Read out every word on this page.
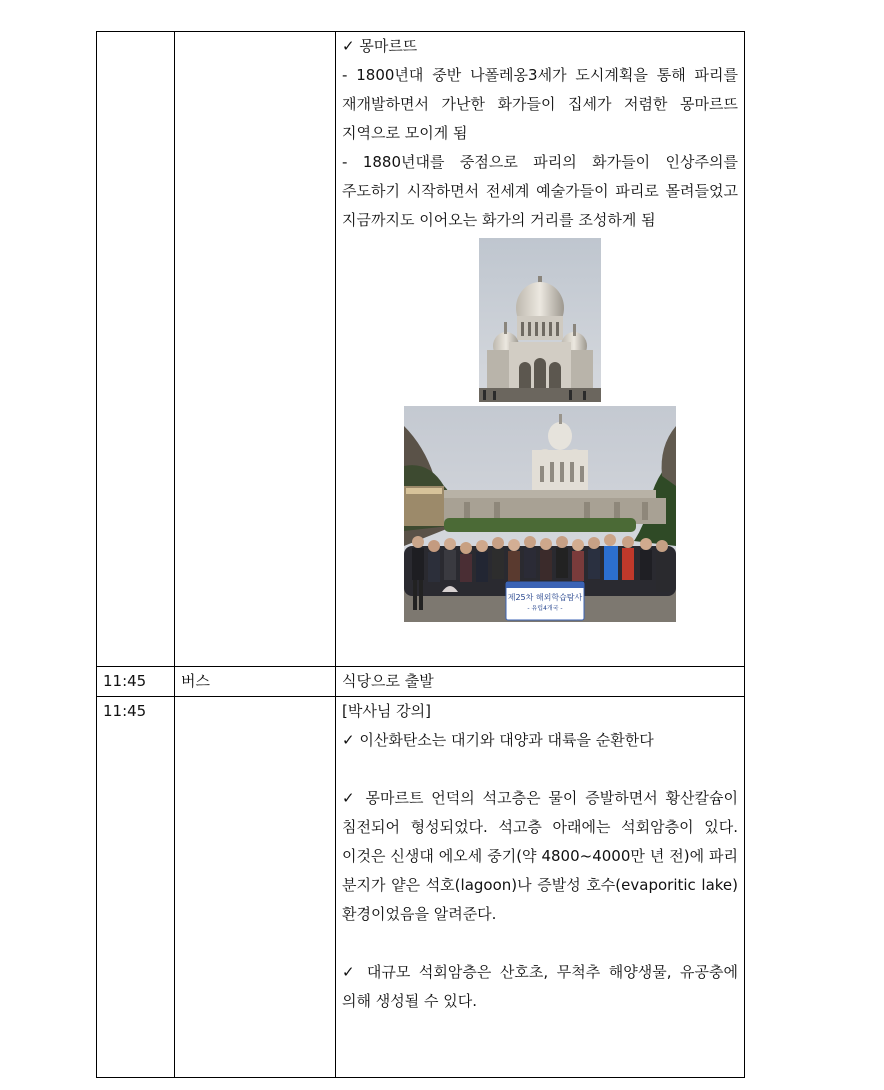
		✓ 몽마르뜨

- 1800년대 중반 나폴레옹3세가 도시계획을 통해 파리를 재개발하면서 가난한 화가들이 집세가 저렴한 몽마르뜨 지역으로 모이게 됨

- 1880년대를 중점으로 파리의 화가들이 인상주의를 주도하기 시작하면서 전세계 예술가들이 파리로 몰려들었고 지금까지도 이어오는 화가의 거리를 조성하게 됨

제25차 해외학습탐사
- 유럽4개국 -

11:45	버스	식당으로 출발
11:45		[박사님 강의]

✓ 이산화탄소는 대기와 대양과 대륙을 순환한다

✓ 몽마르트 언덕의 석고층은 물이 증발하면서 황산칼슘이 침전되어 형성되었다. 석고층 아래에는 석회암층이 있다. 이것은 신생대 에오세 중기(약 4800~4000만 년 전)에 파리 분지가 얕은 석호(lagoon)나 증발성 호수(evaporitic lake) 환경이었음을 알려준다.

✓ 대규모 석회암층은 산호초, 무척추 해양생물, 유공충에 의해 생성될 수 있다.
